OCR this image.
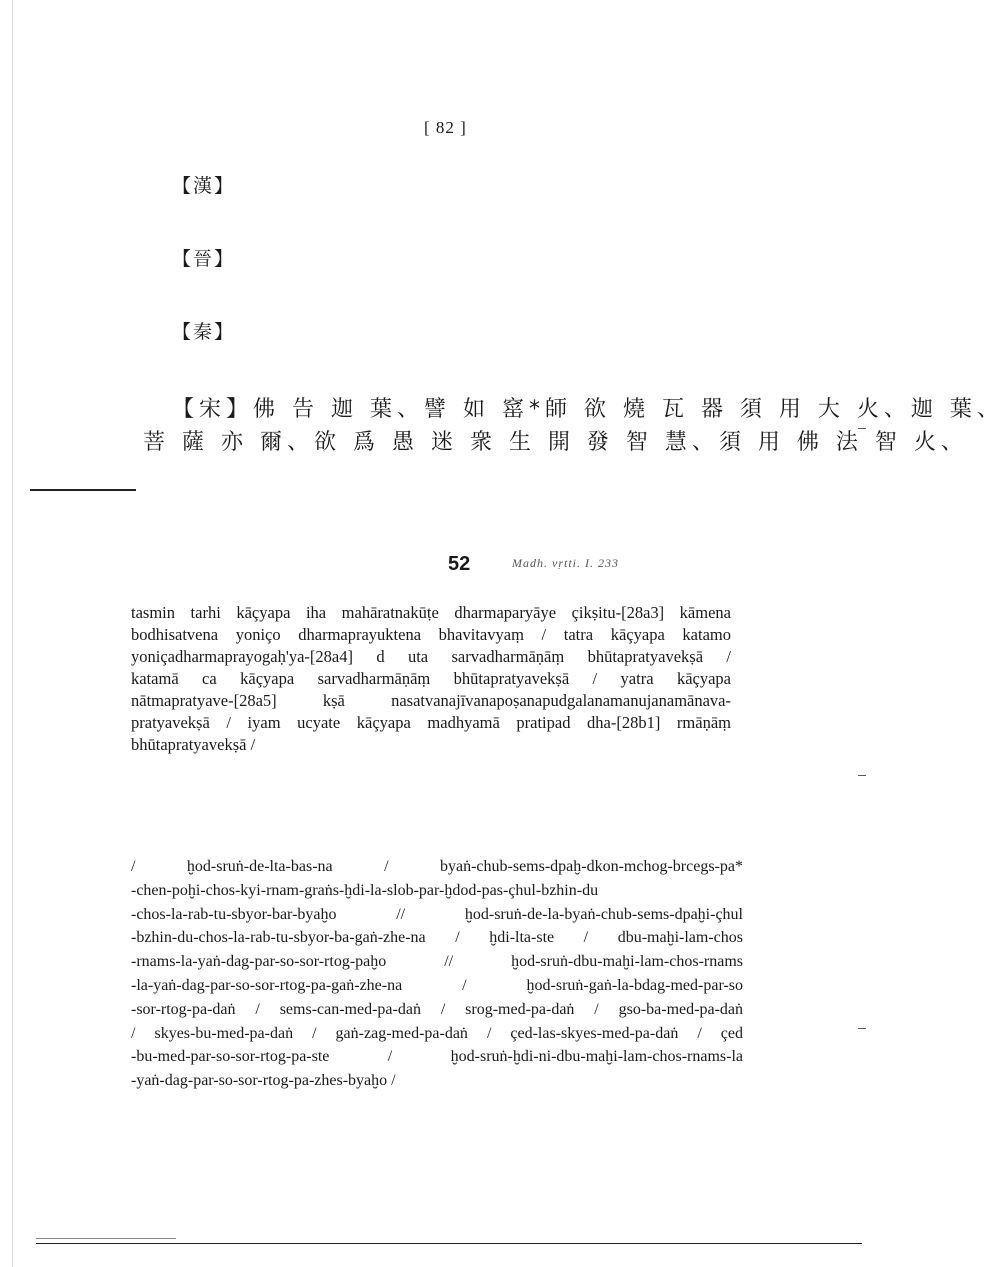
[ 82 ]
【漢】
【晉】
【秦】
【宋】佛 告 迦 葉、譬 如 窰*師 欲 燒 瓦 器 須 用 大 火、迦 葉、
菩 薩 亦 爾、欲 爲 愚 迷 衆 生 開 發 智 慧、須 用 佛 法 智 火、
52	Madh. vṛtti. I. 233
tasmin tarhi kāçyapa iha mahāratnakūṭe dharmaparyāye çikṣitu-[28a3] kāmena
bodhisatvena yoniço dharmaprayuktena bhavitavyaṃ / tatra kāçyapa katamo
yoniçadharmaprayogaḥ'ya-[28a4] d uta sarvadharmāṇāṃ bhūtapratyavekṣā /
katamā ca kāçyapa sarvadharmāṇāṃ bhūtapratyavekṣā / yatra kāçyapa
nātmapratyave-[28a5] kṣā nasatvanajīvanapoṣanapudgalanamanujanamānava-
pratyavekṣā / iyam ucyate kāçyapa madhyamā pratipad dha-[28b1] rmāṇāṃ
bhūtapratyavekṣā /
/ ḫod-sruṅ-de-lta-bas-na / byaṅ-chub-sems-dpaḫ-dkon-mchog-brcegs-pa*
-chen-poḫi-chos-kyi-rnam-graṅs-ḫdi-la-slob-par-ḫdod-pas-çhul-bzhin-du
-chos-la-rab-tu-sbyor-bar-byaḫo // ḫod-sruṅ-de-la-byaṅ-chub-sems-dpaḫi-çhul
-bzhin-du-chos-la-rab-tu-sbyor-ba-gaṅ-zhe-na / ḫdi-lta-ste / dbu-maḫi-lam-chos
-rnams-la-yaṅ-dag-par-so-sor-rtog-paḫo // ḫod-sruṅ-dbu-maḫi-lam-chos-rnams
-la-yaṅ-dag-par-so-sor-rtog-pa-gaṅ-zhe-na / ḫod-sruṅ-gaṅ-la-bdag-med-par-so
-sor-rtog-pa-daṅ / sems-can-med-pa-daṅ / srog-med-pa-daṅ / gso-ba-med-pa-daṅ
/ skyes-bu-med-pa-daṅ / gaṅ-zag-med-pa-daṅ / çed-las-skyes-med-pa-daṅ / çed
-bu-med-par-so-sor-rtog-pa-ste / ḫod-sruṅ-ḫdi-ni-dbu-maḫi-lam-chos-rnams-la
-yaṅ-dag-par-so-sor-rtog-pa-zhes-byaḫo /
